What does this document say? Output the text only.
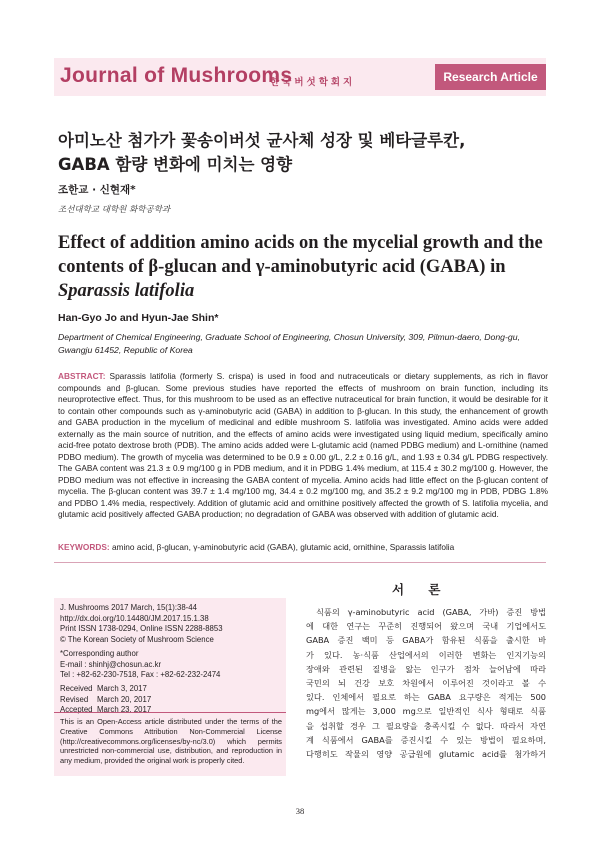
Journal of Mushrooms
한국버섯학회지	Research Article
아미노산 첨가가 꽃송이버섯 균사체 성장 및 베타글루칸,
GABA 함량 변화에 미치는 영향
조한교 · 신현재*
조선대학교 대학원 화학공학과
Effect of addition amino acids on the mycelial growth and the
contents of β-glucan and γ-aminobutyric acid (GABA) in
Sparassis latifolia
Han-Gyo Jo and Hyun-Jae Shin*
Department of Chemical Engineering, Graduate School of Engineering, Chosun University, 309, Pilmun-daero, Dong-gu, Gwangju 61452, Republic of Korea
ABSTRACT: Sparassis latifolia (formerly S. crispa) is used in food and nutraceuticals or dietary supplements, as rich in flavor compounds and β-glucan. Some previous studies have reported the effects of mushroom on brain function, including its neuroprotective effect. Thus, for this mushroom to be used as an effective nutraceutical for brain function, it would be desirable for it to contain other compounds such as γ-aminobutyric acid (GABA) in addition to β-glucan. In this study, the enhancement of growth and GABA production in the mycelium of medicinal and edible mushroom S. latifolia was investigated. Amino acids were added externally as the main source of nutrition, and the effects of amino acids were investigated using liquid medium, specifically amino acid-free potato dextrose broth (PDB). The amino acids added were L-glutamic acid (named PDBG medium) and L-ornithine (named PDBO medium). The growth of mycelia was determined to be 0.9 ± 0.00 g/L, 2.2 ± 0.16 g/L, and 1.93 ± 0.34 g/L PDBG respectively. The GABA content was 21.3 ± 0.9 mg/100 g in PDB medium, and it in PDBG 1.4% medium, at 115.4 ± 30.2 mg/100 g. However, the PDBO medium was not effective in increasing the GABA content of mycelia. Amino acids had little effect on the β-glucan content of mycelia. The β-glucan content was 39.7 ± 1.4 mg/100 mg, 34.4 ± 0.2 mg/100 mg, and 35.2 ± 9.2 mg/100 mg in PDB, PDBG 1.8% and PDBO 1.4% media, respectively. Addition of glutamic acid and ornithine positively affected the growth of S. latifolia mycelia, and glutamic acid positively affected GABA production; no degradation of GABA was observed with addition of glutamic acid.
KEYWORDS: amino acid, β-glucan, γ-aminobutyric acid (GABA), glutamic acid, ornithine, Sparassis latifolia
J. Mushrooms 2017 March, 15(1):38-44
http://dx.doi.org/10.14480/JM.2017.15.1.38
Print ISSN 1738-0294, Online ISSN 2288-8853
© The Korean Society of Mushroom Science
*Corresponding author
E-mail : shinhj@chosun.ac.kr
Tel : +82-62-230-7518, Fax : +82-62-232-2474
Received March 3, 2017
Revised March 20, 2017
Accepted March 23, 2017
This is an Open-Access article distributed under the terms of the Creative Commons Attribution Non-Commercial License (http://creativecommons.org/licenses/by-nc/3.0) which permits unrestricted non-commercial use, distribution, and reproduction in any medium, provided the original work is properly cited.
서 론
식품의 γ-aminobutyric acid (GABA, 가바) 증진 방법
에 대한 연구는 꾸준히 진행되어 왔으며 국내 기업에서도
GABA 증진 백미 등 GABA가 함유된 식품을 출시한 바
가 있다. 농·식품 산업에서의 이러한 변화는 인지기능의
장애와 관련된 질병을 앓는 인구가 점차 늘어남에 따라
국민의 뇌 건강 보호 차원에서 이루어진 것이라고 볼 수
있다. 인체에서 필요로 하는 GABA 요구량은 적게는 500
mg에서 많게는 3,000 mg으로 일반적인 식사 형태로 식품
을 섭취할 경우 그 필요량을 충족시킬 수 없다. 따라서 자연
계 식품에서 GABA를 증진시킬 수 있는 방법이 필요하며,
다행히도 작물의 영양 공급원에 glutamic acid를 첨가하거
38
